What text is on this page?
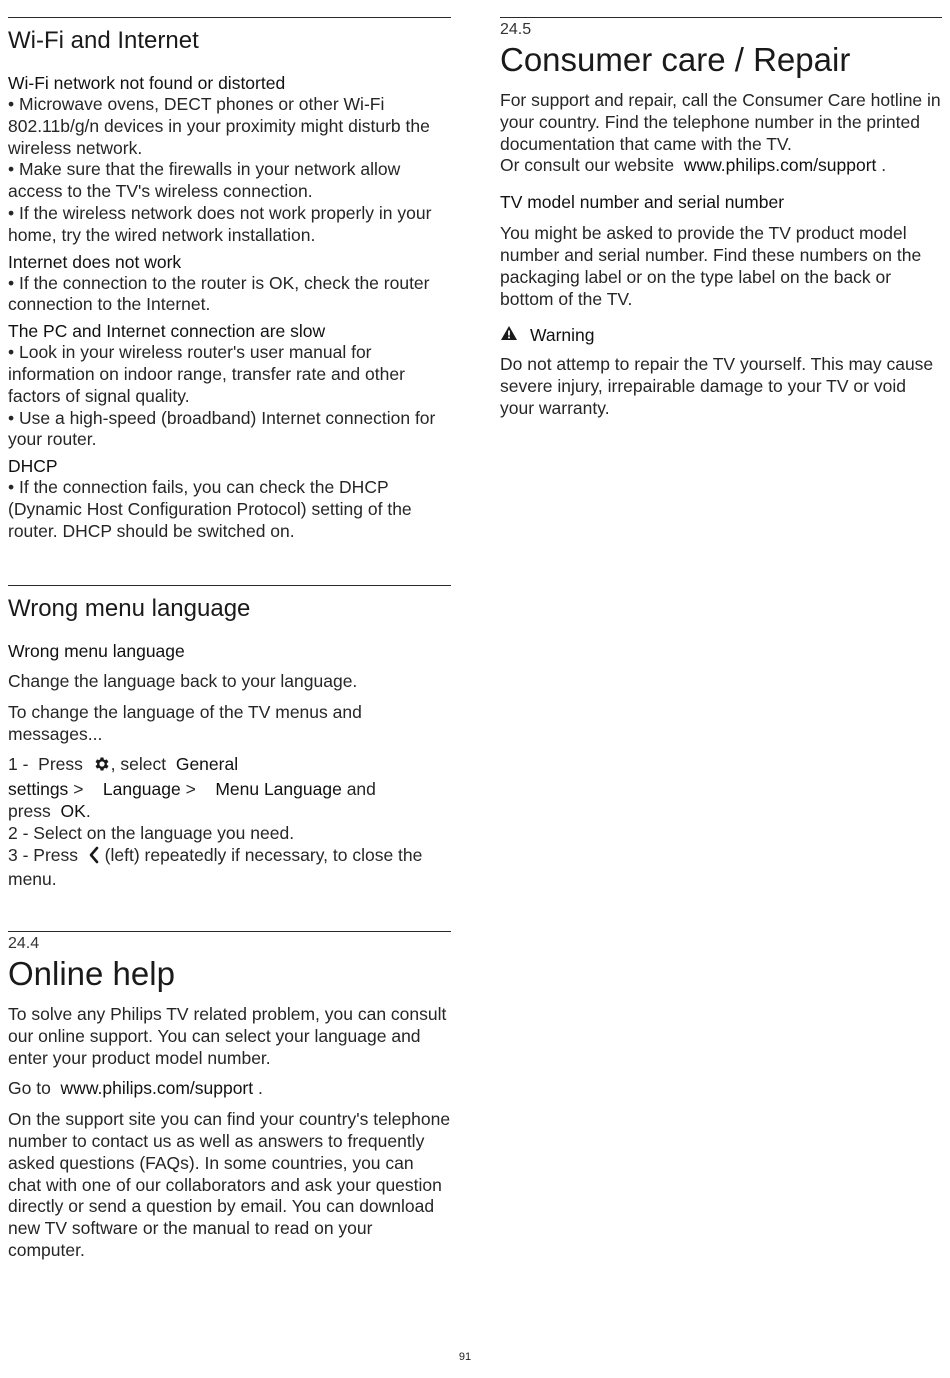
Wi-Fi and Internet
Wi-Fi network not found or distorted

• Microwave ovens, DECT phones or other Wi-Fi 802.11b/g/n devices in your proximity might disturb the wireless network.

• Make sure that the firewalls in your network allow access to the TV's wireless connection.

• If the wireless network does not work properly in your home, try the wired network installation.

Internet does not work

• If the connection to the router is OK, check the router connection to the Internet.

The PC and Internet connection are slow

• Look in your wireless router's user manual for information on indoor range, transfer rate and other factors of signal quality.

• Use a high-speed (broadband) Internet connection for your router.

DHCP

• If the connection fails, you can check the DHCP (Dynamic Host Configuration Protocol) setting of the router. DHCP should be switched on.

Wrong menu language
Wrong menu language

Change the language back to your language.

To change the language of the TV menus and messages...

1 - Press , select General
settings > Language > Menu Language and
press OK.

2 - Select on the language you need.

3 - Press (left) repeatedly if necessary, to close the menu.

24.4
Online help

To solve any Philips TV related problem, you can consult our online support. You can select your language and enter your product model number.

Go to www.philips.com/support .

On the support site you can find your country's telephone number to contact us as well as answers to frequently asked questions (FAQs). In some countries, you can chat with one of our collaborators and ask your question directly or send a question by email. You can download new TV software or the manual to read on your computer.

24.5
Consumer care / Repair

For support and repair, call the Consumer Care hotline in your country. Find the telephone number in the printed documentation that came with the TV.

Or consult our website www.philips.com/support .

TV model number and serial number

You might be asked to provide the TV product model number and serial number. Find these numbers on the packaging label or on the type label on the back or bottom of the TV.

Warning

Do not attemp to repair the TV yourself. This may cause severe injury, irrepairable damage to your TV or void your warranty.

91
